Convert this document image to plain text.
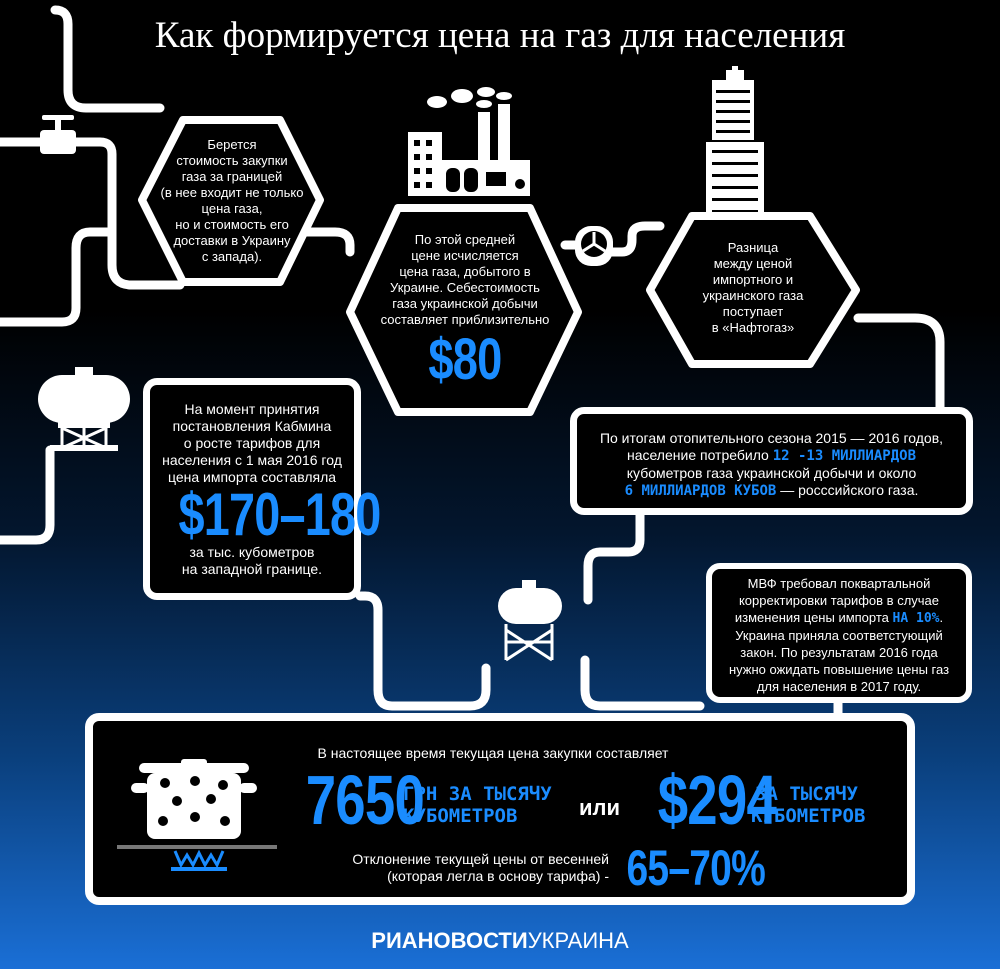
Как формируется цена на газ для населения
Берется
стоимость закупки
газа за границей
(в нее входит не только
цена газа,
но и стоимость его
доставки в Украину
с запада).
По этой средней
цене исчисляется
цена газа, добытого в
Украине. Себестоимость
газа украинской добычи
составляет приблизительно
$80
Разница
между ценой
импортного и
украинского газа
поступает
в «Нафтогаз»
На момент принятия
постановления Кабмина
о росте тарифов для
населения с 1 мая 2016 год
цена импорта составляла
$170–180
за тыс. кубометров
на западной границе.
По итогам отопительного сезона 2015 — 2016 годов,
население потребило 12 -13 МИЛЛИАРДОВ
кубометров газа украинской добычи и около
6 МИЛЛИАРДОВ КУБОВ — росссийского газа.
МВФ требовал поквартальной
корректировки тарифов в случае
изменения цены импорта НА 10%.
Украина приняла соответстующий
закон. По результатам 2016 года
нужно ожидать повышение цены газ
для населения в 2017 году.
В настоящее время текущая цена закупки составляет
7650
ГРН ЗА ТЫСЯЧУ
КУБОМЕТРОВ	или $294
ЗА ТЫСЯЧУ
КУБОМЕТРОВ
Отклонение текущей цены от весенней
(которая легла в основу тарифа) - 65–70%
РИАНОВОСТИУКРАИНА
